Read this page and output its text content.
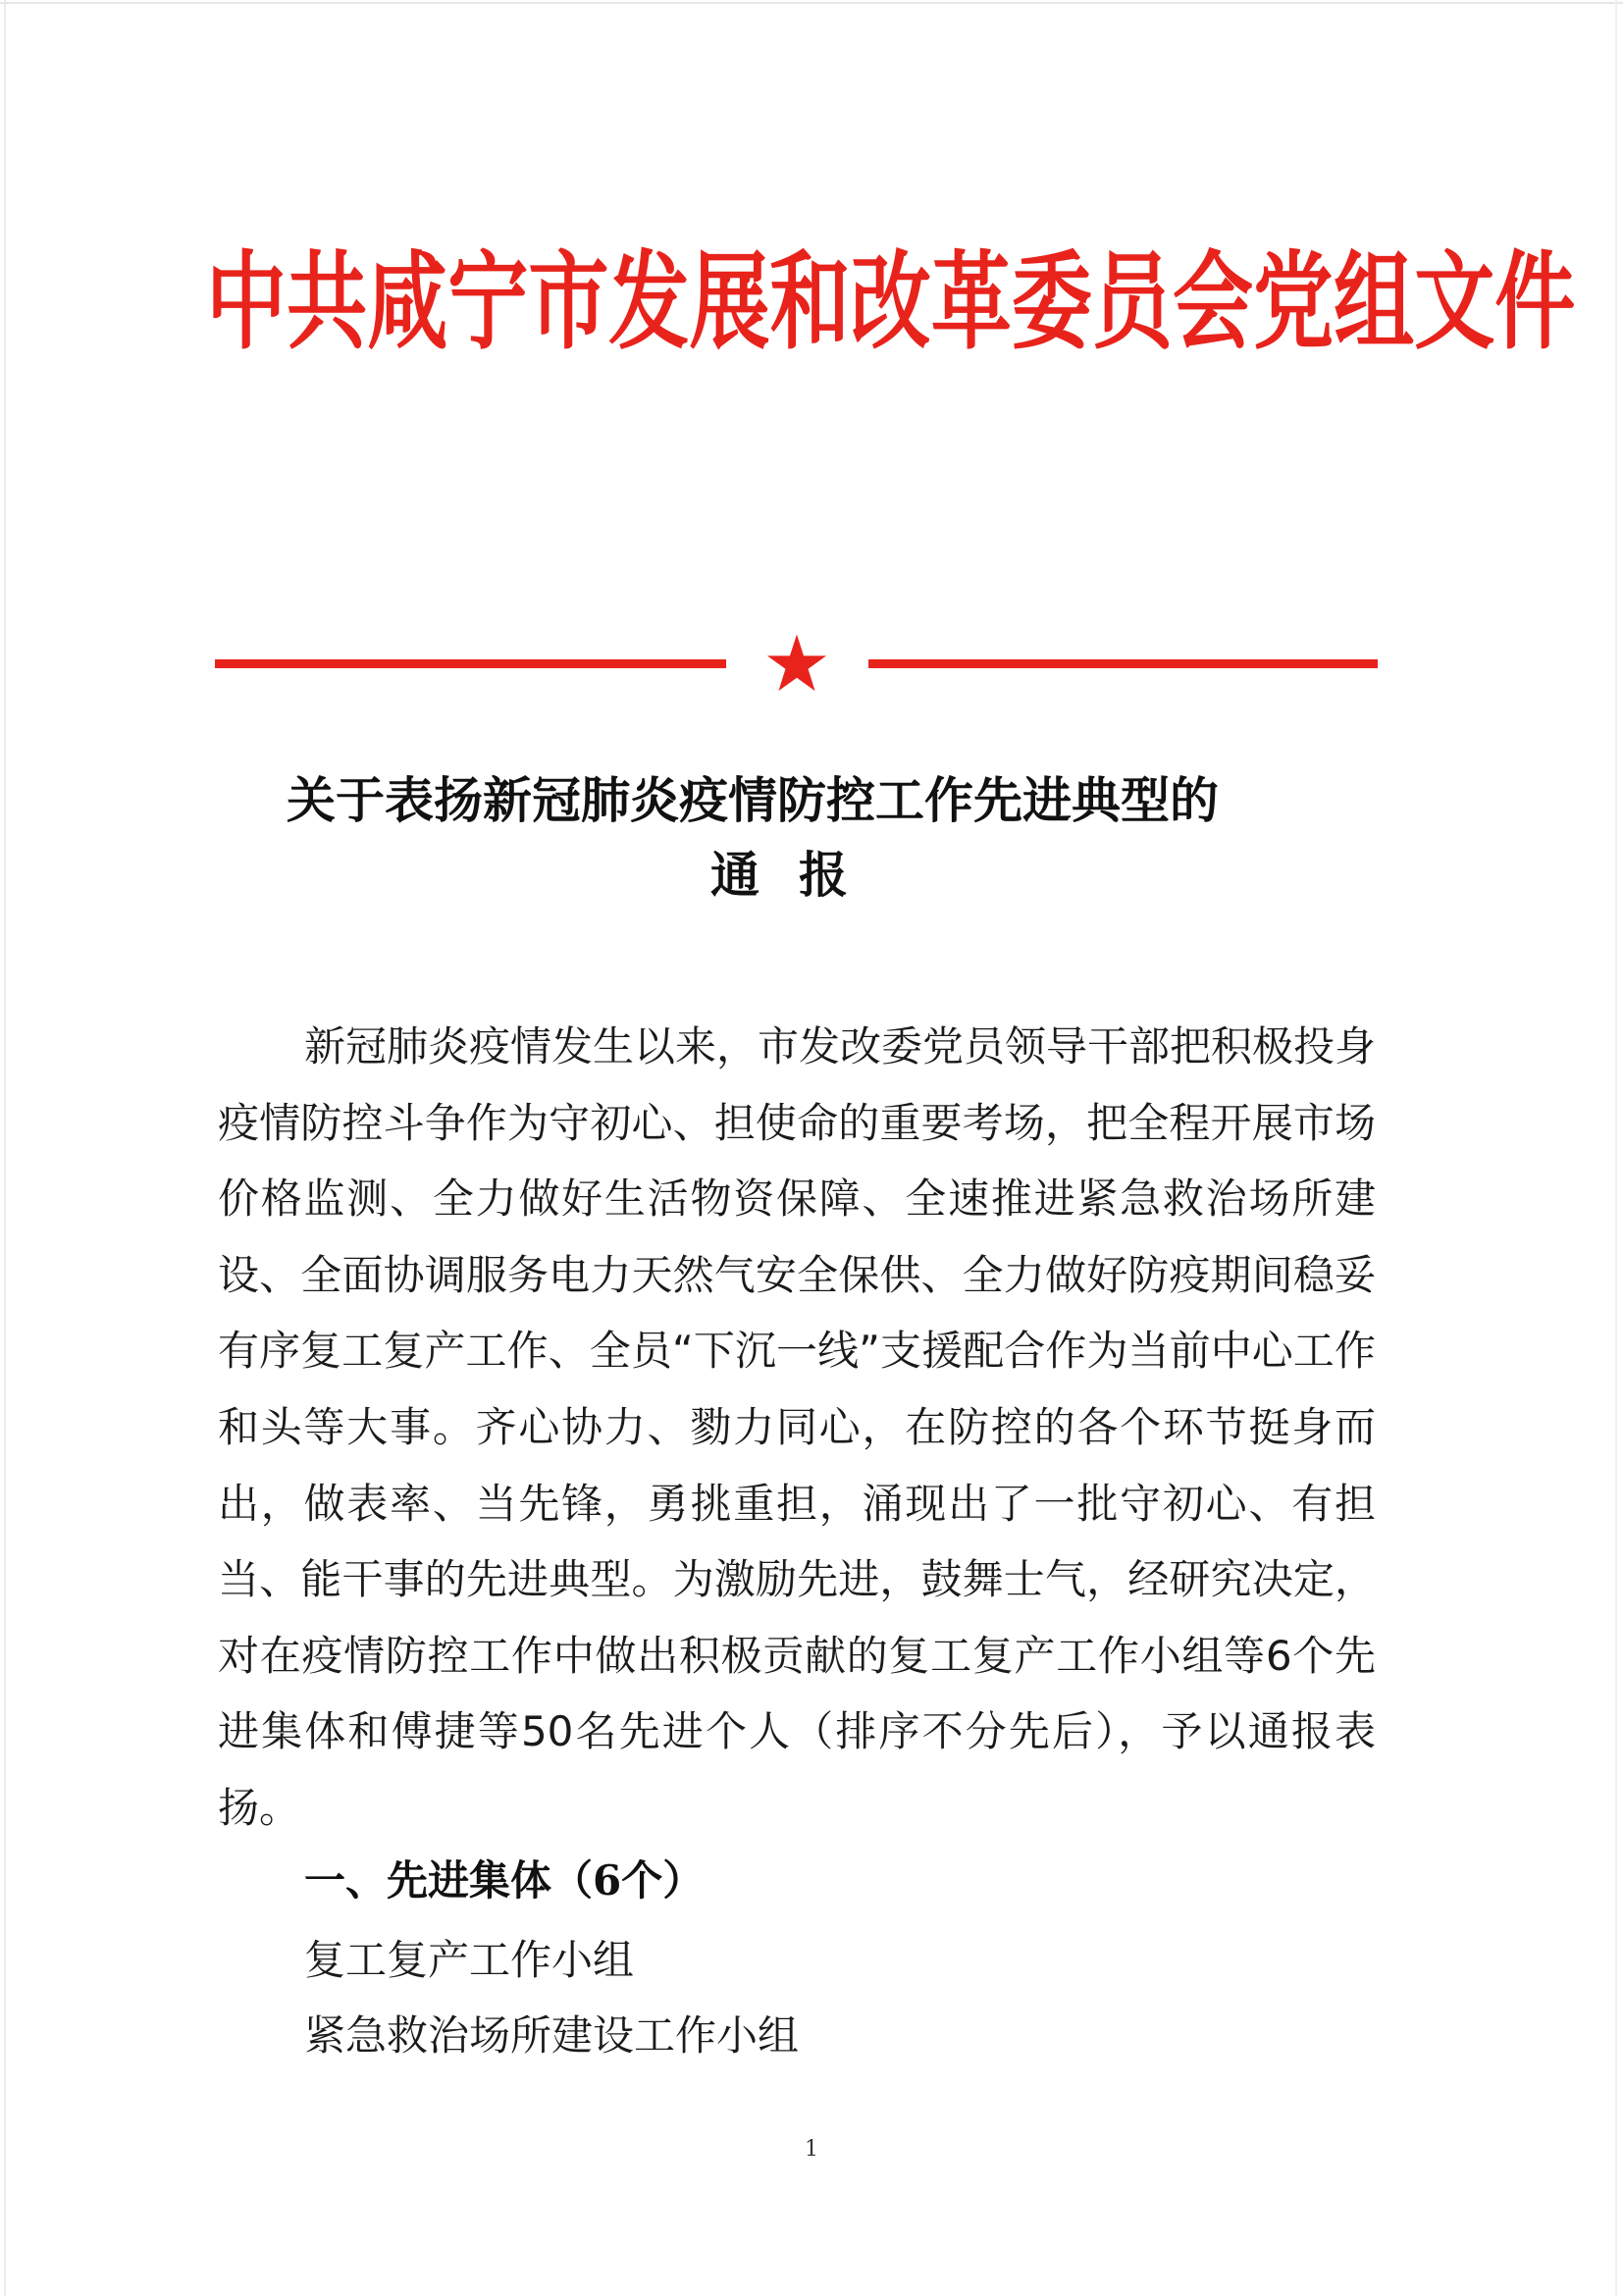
中共咸宁市发展和改革委员会党组文件
关于表扬新冠肺炎疫情防控工作先进典型的
通报

新冠肺炎疫情发生以来，市发改委党员领导干部把积极投身疫情防控斗争作为守初心、担使命的重要考场，把全程开展市场价格监测、全力做好生活物资保障、全速推进紧急救治场所建设、全面协调服务电力天然气安全保供、全力做好防疫期间稳妥有序复工复产工作、全员“下沉一线”支援配合作为当前中心工作和头等大事。齐心协力、勠力同心，在防控的各个环节挺身而出，做表率、当先锋，勇挑重担，涌现出了一批守初心、有担当、能干事的先进典型。为激励先进，鼓舞士气，经研究决定，对在疫情防控工作中做出积极贡献的复工复产工作小组等6个先进集体和傅捷等50名先进个人（排序不分先后），予以通报表扬。

一、先进集体（6个）
复工复产工作小组
紧急救治场所建设工作小组
1
